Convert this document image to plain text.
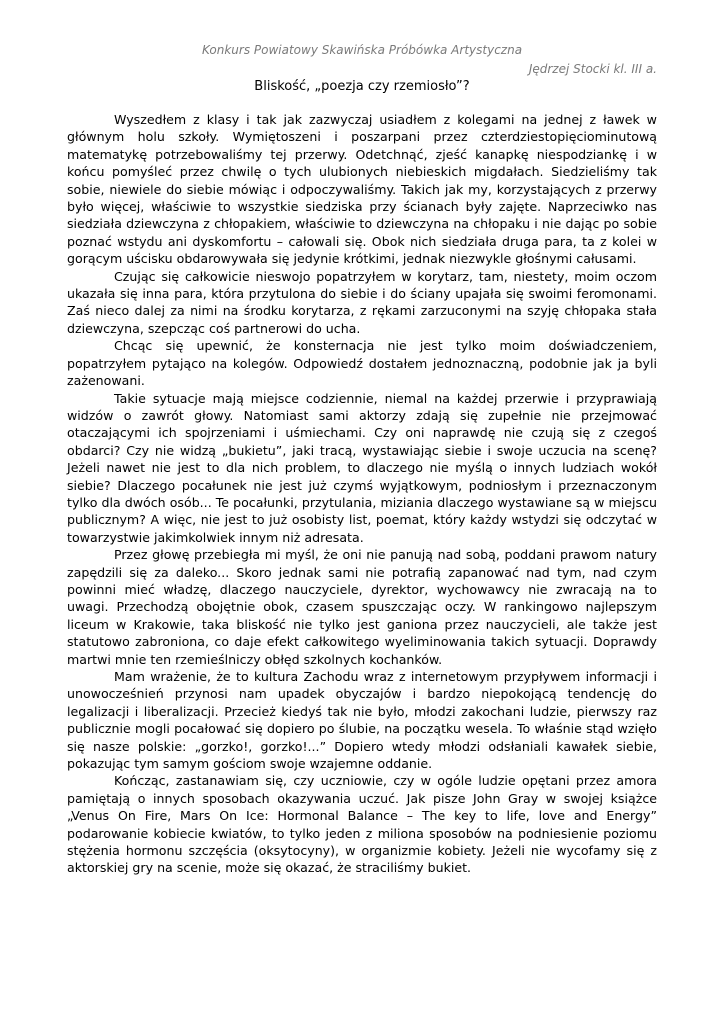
Konkurs Powiatowy Skawińska Próbówka Artystyczna

Jędrzej Stocki kl. III a.

Bliskość, „poezja czy rzemiosło”?

Wyszedłem z klasy i tak jak zazwyczaj usiadłem z kolegami na jednej z ławek w głównym holu szkoły. Wymiętoszeni i poszarpani przez czterdziestopięciominutową matematykę potrzebowaliśmy tej przerwy. Odetchnąć, zjeść kanapkę niespodziankę i w końcu pomyśleć przez chwilę o tych ulubionych niebieskich migdałach. Siedzieliśmy tak sobie, niewiele do siebie mówiąc i odpoczywaliśmy. Takich jak my, korzystających z przerwy było więcej, właściwie to wszystkie siedziska przy ścianach były zajęte. Naprzeciwko nas siedziała dziewczyna z chłopakiem, właściwie to dziewczyna na chłopaku i nie dając po sobie poznać wstydu ani dyskomfortu – całowali się. Obok nich siedziała druga para, ta z kolei w gorącym uścisku obdarowywała się jedynie krótkimi, jednak niezwykle głośnymi całusami.

Czując się całkowicie nieswojo popatrzyłem w korytarz, tam, niestety, moim oczom ukazała się inna para, która przytulona do siebie i do ściany upajała się swoimi feromonami. Zaś nieco dalej za nimi na środku korytarza, z rękami zarzuconymi na szyję chłopaka stała dziewczyna, szepcząc coś partnerowi do ucha.

Chcąc się upewnić, że konsternacja nie jest tylko moim doświadczeniem, popatrzyłem pytająco na kolegów. Odpowiedź dostałem jednoznaczną, podobnie jak ja byli zażenowani.

Takie sytuacje mają miejsce codziennie, niemal na każdej przerwie i przyprawiają widzów o zawrót głowy. Natomiast sami aktorzy zdają się zupełnie nie przejmować otaczającymi ich spojrzeniami i uśmiechami. Czy oni naprawdę nie czują się z czegoś obdarci? Czy nie widzą „bukietu”, jaki tracą, wystawiając siebie i swoje uczucia na scenę? Jeżeli nawet nie jest to dla nich problem, to dlaczego nie myślą o innych ludziach wokół siebie? Dlaczego pocałunek nie jest już czymś wyjątkowym, podniosłym i przeznaczonym tylko dla dwóch osób... Te pocałunki, przytulania, miziania dlaczego wystawiane są w miejscu publicznym? A więc, nie jest to już osobisty list, poemat, który każdy wstydzi się odczytać w towarzystwie jakimkolwiek innym niż adresata.

Przez głowę przebiegła mi myśl, że oni nie panują nad sobą, poddani prawom natury zapędzili się za daleko... Skoro jednak sami nie potrafią zapanować nad tym, nad czym powinni mieć władzę, dlaczego nauczyciele, dyrektor, wychowawcy nie zwracają na to uwagi. Przechodzą obojętnie obok, czasem spuszczając oczy. W rankingowo najlepszym liceum w Krakowie, taka bliskość nie tylko jest ganiona przez nauczycieli, ale także jest statutowo zabroniona, co daje efekt całkowitego wyeliminowania takich sytuacji. Doprawdy martwi mnie ten rzemieślniczy obłęd szkolnych kochanków.

Mam wrażenie, że to kultura Zachodu wraz z internetowym przypływem informacji i unowocześnień przynosi nam upadek obyczajów i bardzo niepokojącą tendencję do legalizacji i liberalizacji. Przecież kiedyś tak nie było, młodzi zakochani ludzie, pierwszy raz publicznie mogli pocałować się dopiero po ślubie, na początku wesela. To właśnie stąd wzięło się nasze polskie: „gorzko!, gorzko!...” Dopiero wtedy młodzi odsłaniali kawałek siebie, pokazując tym samym gościom swoje wzajemne oddanie.

Kończąc, zastanawiam się, czy uczniowie, czy w ogóle ludzie opętani przez amora pamiętają o innych sposobach okazywania uczuć. Jak pisze John Gray w swojej książce „Venus On Fire, Mars On Ice: Hormonal Balance – The key to life, love and Energy” podarowanie kobiecie kwiatów, to tylko jeden z miliona sposobów na podniesienie poziomu stężenia hormonu szczęścia (oksytocyny), w organizmie kobiety. Jeżeli nie wycofamy się z aktorskiej gry na scenie, może się okazać, że straciliśmy bukiet.
